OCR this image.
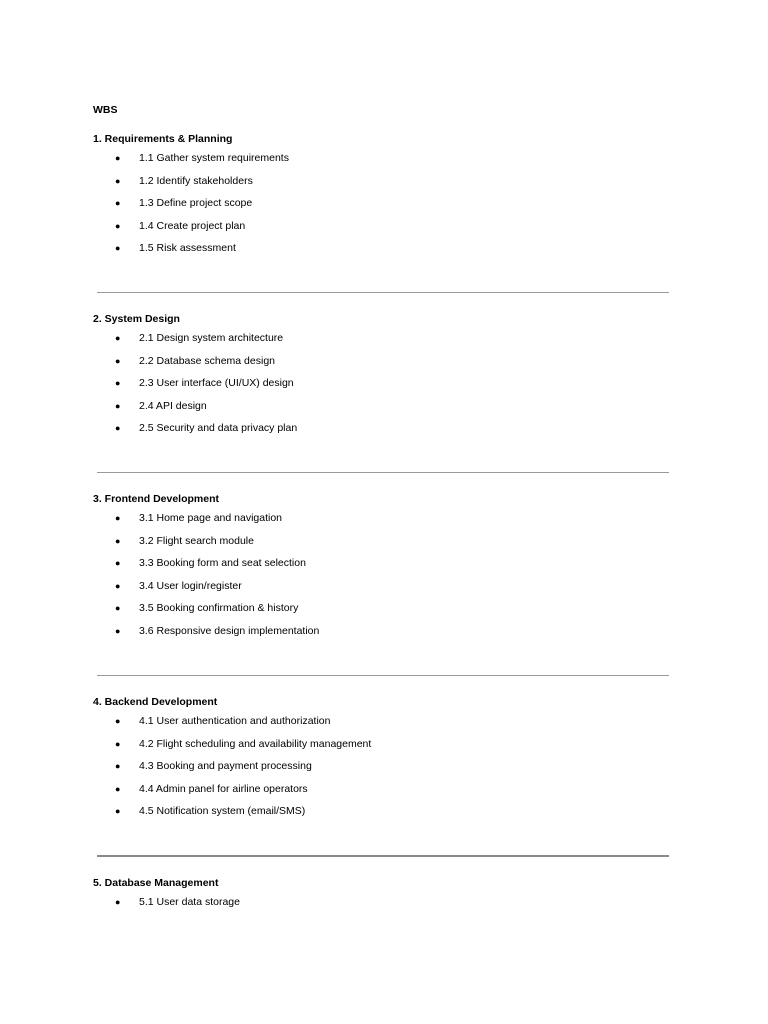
WBS

1. Requirements & Planning

● 1.1 Gather system requirements
● 1.2 Identify stakeholders
● 1.3 Define project scope
● 1.4 Create project plan
● 1.5 Risk assessment

2. System Design

● 2.1 Design system architecture
● 2.2 Database schema design
● 2.3 User interface (UI/UX) design
● 2.4 API design
● 2.5 Security and data privacy plan

3. Frontend Development

● 3.1 Home page and navigation
● 3.2 Flight search module
● 3.3 Booking form and seat selection
● 3.4 User login/register
● 3.5 Booking confirmation & history
● 3.6 Responsive design implementation

4. Backend Development

● 4.1 User authentication and authorization
● 4.2 Flight scheduling and availability management
● 4.3 Booking and payment processing
● 4.4 Admin panel for airline operators
● 4.5 Notification system (email/SMS)

5. Database Management

● 5.1 User data storage
